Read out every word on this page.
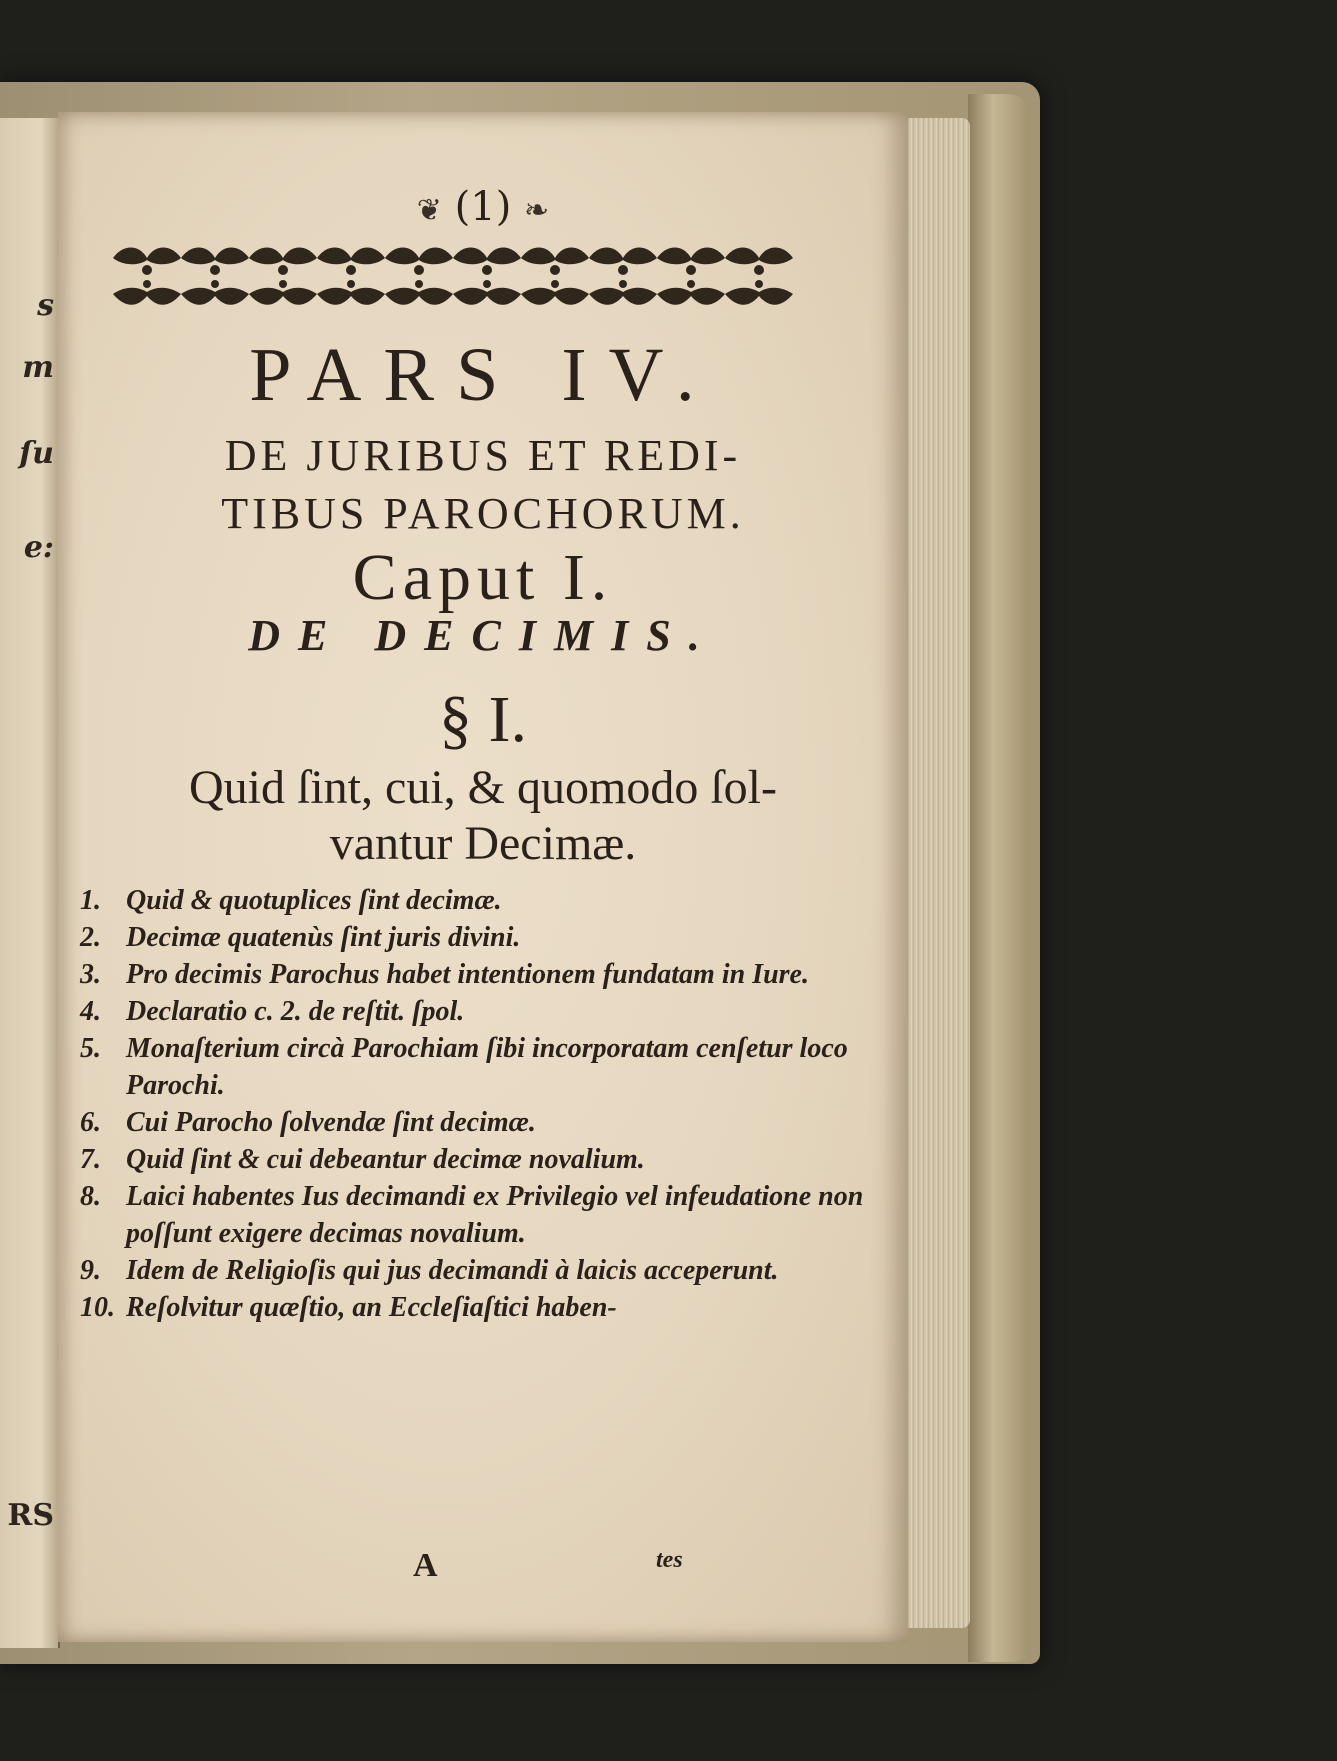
s
m
ſu
e:
RS
❦ (1) ❧
PARS IV.
DE JURIBUS ET REDI-
TIBUS PAROCHORUM.
Caput I.
DE DECIMIS.
§ I.
Quid ſint, cui, & quomodo ſol-
vantur Decimæ.
1. Quid & quotuplices ſint decimæ.
2. Decimæ quatenùs ſint juris divini.
3. Pro decimis Parochus habet intentionem fundatam in Iure.
4. Declaratio c. 2. de reſtit. ſpol.
5. Monaſterium circà Parochiam ſibi incorporatam cenſetur loco Parochi.
6. Cui Parocho ſolvendæ ſint decimæ.
7. Quid ſint & cui debeantur decimæ novalium.
8. Laici habentes Ius decimandi ex Privilegio vel infeudatione non poſſunt exigere decimas novalium.
9. Idem de Religioſis qui jus decimandi à laicis acceperunt.
10. Reſolvitur quæſtio, an Eccleſiaſtici haben-
A	tes
